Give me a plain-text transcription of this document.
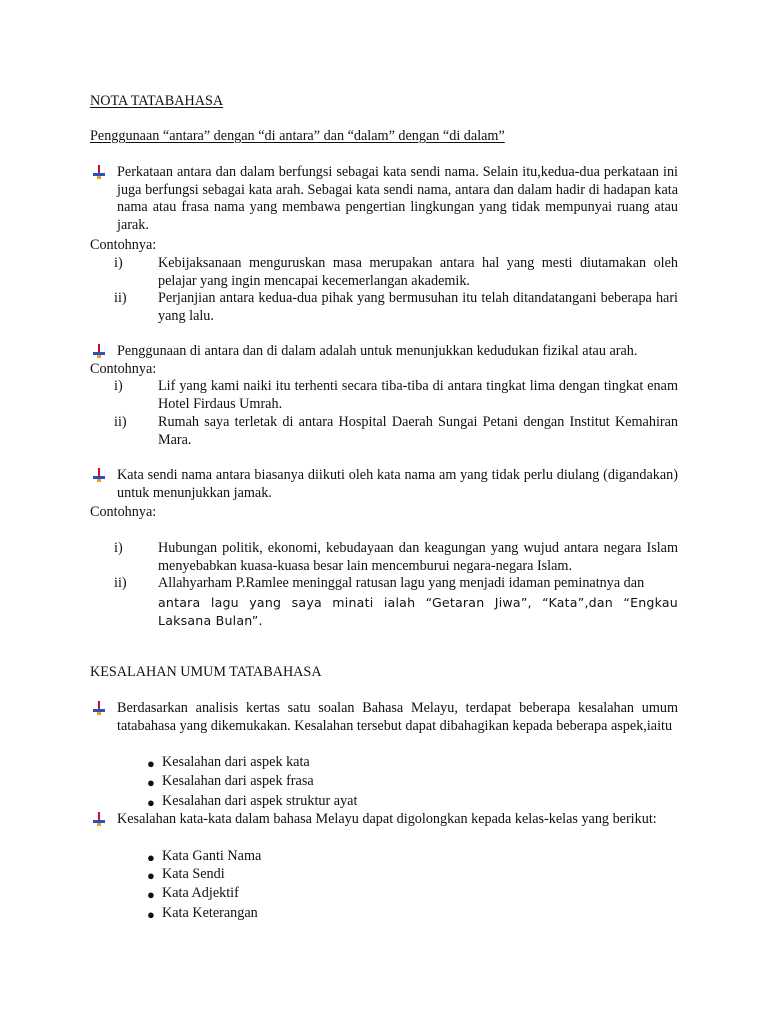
NOTA TATABAHASA
Penggunaan “antara” dengan “di antara” dan “dalam” dengan “di dalam”
Perkataan antara dan dalam berfungsi sebagai kata sendi nama. Selain itu,kedua-dua perkataan ini juga berfungsi sebagai kata arah. Sebagai kata sendi nama, antara dan dalam hadir di hadapan kata nama atau frasa nama yang membawa pengertian lingkungan yang tidak mempunyai ruang atau jarak.
Contohnya:
i) Kebijaksanaan menguruskan masa merupakan antara hal yang mesti diutamakan oleh pelajar yang ingin mencapai kecemerlangan akademik.
ii) Perjanjian antara kedua-dua pihak yang bermusuhan itu telah ditandatangani beberapa hari yang lalu.
Penggunaan di antara dan di dalam adalah untuk menunjukkan kedudukan fizikal atau arah.
Contohnya:
i) Lif yang kami naiki itu terhenti secara tiba-tiba di antara tingkat lima dengan tingkat enam Hotel Firdaus Umrah.
ii) Rumah saya terletak di antara Hospital Daerah Sungai Petani dengan Institut Kemahiran Mara.
Kata sendi nama antara biasanya diikuti oleh kata nama am yang tidak perlu diulang (digandakan) untuk menunjukkan jamak.
Contohnya:
i) Hubungan politik, ekonomi, kebudayaan dan keagungan yang wujud antara negara Islam menyebabkan kuasa-kuasa besar lain mencemburui negara-negara Islam.
ii) Allahyarham P.Ramlee meninggal ratusan lagu yang menjadi idaman peminatnya dan
antara lagu yang saya minati ialah “Getaran Jiwa”, “Kata”,dan “Engkau Laksana Bulan”.
KESALAHAN UMUM TATABAHASA
Berdasarkan analisis kertas satu soalan Bahasa Melayu, terdapat beberapa kesalahan umum tatabahasa yang dikemukakan. Kesalahan tersebut dapat dibahagikan kepada beberapa aspek,iaitu
● Kesalahan dari aspek kata
● Kesalahan dari aspek frasa
● Kesalahan dari aspek struktur ayat
Kesalahan kata-kata dalam bahasa Melayu dapat digolongkan kepada kelas-kelas yang berikut:
● Kata Ganti Nama
● Kata Sendi
● Kata Adjektif
● Kata Keterangan
